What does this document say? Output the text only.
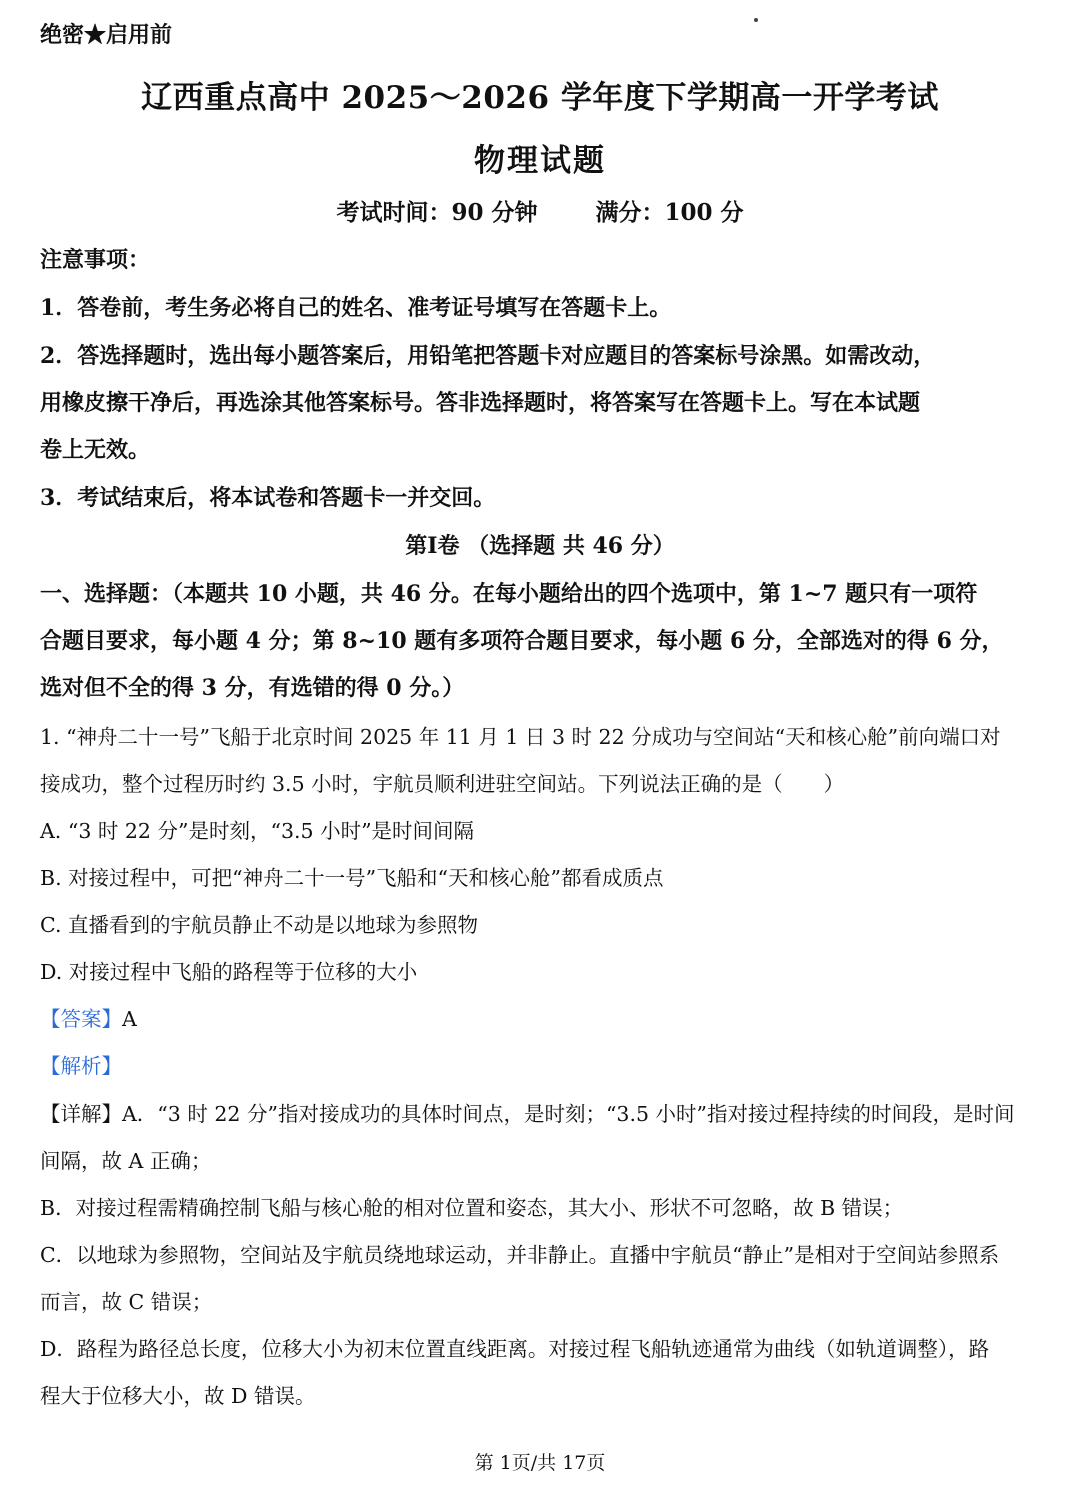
绝密★启用前
辽西重点高中 2025～2026 学年度下学期高一开学考试
物理试题
考试时间：90 分钟	满分：100 分
注意事项：
1．答卷前，考生务必将自己的姓名、准考证号填写在答题卡上。
2．答选择题时，选出每小题答案后，用铅笔把答题卡对应题目的答案标号涂黑。如需改动，
用橡皮擦干净后，再选涂其他答案标号。答非选择题时，将答案写在答题卡上。写在本试题
卷上无效。
3．考试结束后，将本试卷和答题卡一并交回。
第Ⅰ卷 （选择题 共 46 分）
一、选择题：（本题共 10 小题，共 46 分。在每小题给出的四个选项中，第 1~7 题只有一项符
合题目要求，每小题 4 分；第 8~10 题有多项符合题目要求，每小题 6 分，全部选对的得 6 分，
选对但不全的得 3 分，有选错的得 0 分。）
1. “神舟二十一号”飞船于北京时间 2025 年 11 月 1 日 3 时 22 分成功与空间站“天和核心舱”前向端口对
接成功，整个过程历时约 3.5 小时，宇航员顺利进驻空间站。下列说法正确的是（　　）
A. “3 时 22 分”是时刻，“3.5 小时”是时间间隔
B. 对接过程中，可把“神舟二十一号”飞船和“天和核心舱”都看成质点
C. 直播看到的宇航员静止不动是以地球为参照物
D. 对接过程中飞船的路程等于位移的大小
【答案】A
【解析】
【详解】A．“3 时 22 分”指对接成功的具体时间点，是时刻；“3.5 小时”指对接过程持续的时间段，是时间
间隔，故 A 正确；
B．对接过程需精确控制飞船与核心舱的相对位置和姿态，其大小、形状不可忽略，故 B 错误；
C．以地球为参照物，空间站及宇航员绕地球运动，并非静止。直播中宇航员“静止”是相对于空间站参照系
而言，故 C 错误；
D．路程为路径总长度，位移大小为初末位置直线距离。对接过程飞船轨迹通常为曲线（如轨道调整），路
程大于位移大小，故 D 错误。
第 1页/共 17页
